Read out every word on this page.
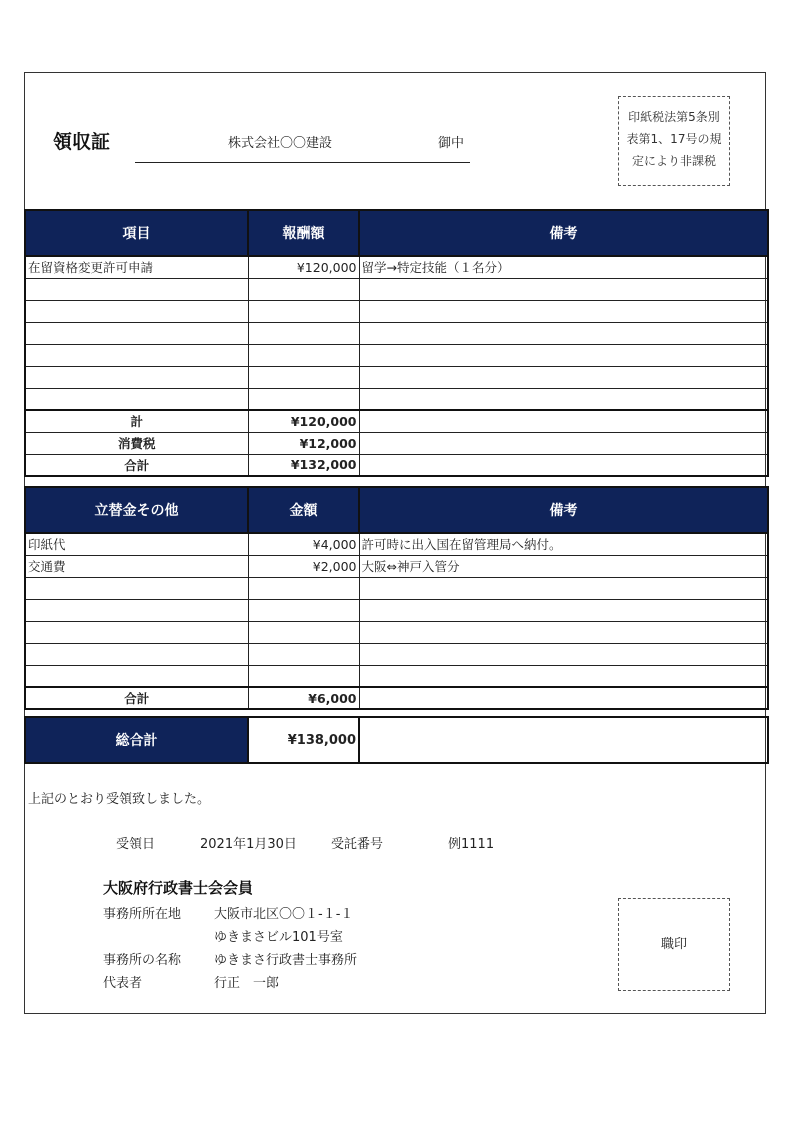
領収証	株式会社〇〇建設	御中
印紙税法第5条別
表第1、17号の規
定により非課税
項目	報酬額	備考
在留資格変更許可申請	¥120,000	留学→特定技能（１名分）

計	¥120,000	
消費税	¥12,000	
合計	¥132,000	
立替金その他	金額	備考
印紙代	¥4,000	許可時に出入国在留管理局へ納付。
交通費	¥2,000	大阪⇔神戸入管分

合計	¥6,000	
総合計	¥138,000	
上記のとおり受領致しました。
受領日	2021年1月30日	受託番号	例1111
大阪府行政書士会会員
事務所所在地	大阪市北区〇〇１-１-１
ゆきまさビル101号室
事務所の名称	ゆきまさ行政書士事務所
代表者	行正　一郎
職印
